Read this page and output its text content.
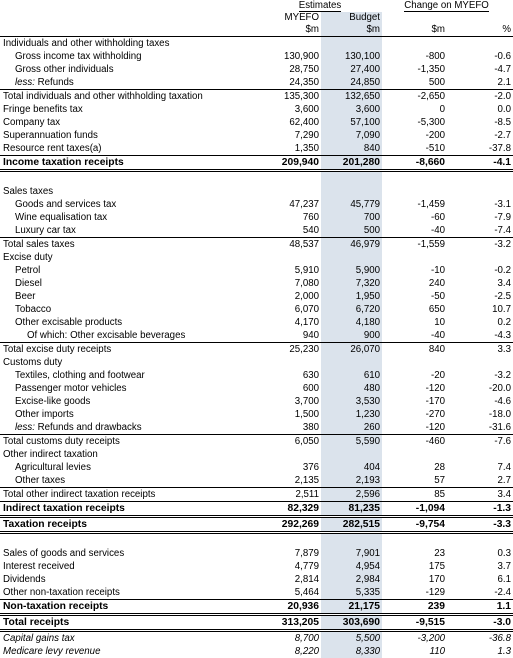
	Estimates		Change on MYEFO	
	MYEFO	Budget		
	$m	$m	$m	%
Individuals and other withholding taxes				
Gross income tax withholding	130,900	130,100	-800	-0.6
Gross other individuals	28,750	27,400	-1,350	-4.7
less: Refunds	24,350	24,850	500	2.1
Total individuals and other withholding taxation	135,300	132,650	-2,650	-2.0
Fringe benefits tax	3,600	3,600	0	0.0
Company tax	62,400	57,100	-5,300	-8.5
Superannuation funds	7,290	7,090	-200	-2.7
Resource rent taxes(a)	1,350	840	-510	-37.8
Income taxation receipts	209,940	201,280	-8,660	-4.1

Sales taxes				
Goods and services tax	47,237	45,779	-1,459	-3.1
Wine equalisation tax	760	700	-60	-7.9
Luxury car tax	540	500	-40	-7.4
Total sales taxes	48,537	46,979	-1,559	-3.2
Excise duty				
Petrol	5,910	5,900	-10	-0.2
Diesel	7,080	7,320	240	3.4
Beer	2,000	1,950	-50	-2.5
Tobacco	6,070	6,720	650	10.7
Other excisable products	4,170	4,180	10	0.2
Of which: Other excisable beverages	940	900	-40	-4.3
Total excise duty receipts	25,230	26,070	840	3.3
Customs duty				
Textiles, clothing and footwear	630	610	-20	-3.2
Passenger motor vehicles	600	480	-120	-20.0
Excise-like goods	3,700	3,530	-170	-4.6
Other imports	1,500	1,230	-270	-18.0
less: Refunds and drawbacks	380	260	-120	-31.6
Total customs duty receipts	6,050	5,590	-460	-7.6
Other indirect taxation				
Agricultural levies	376	404	28	7.4
Other taxes	2,135	2,193	57	2.7
Total other indirect taxation receipts	2,511	2,596	85	3.4
Indirect taxation receipts	82,329	81,235	-1,094	-1.3
Taxation receipts	292,269	282,515	-9,754	-3.3

Sales of goods and services	7,879	7,901	23	0.3
Interest received	4,779	4,954	175	3.7
Dividends	2,814	2,984	170	6.1
Other non-taxation receipts	5,464	5,335	-129	-2.4
Non-taxation receipts	20,936	21,175	239	1.1
Total receipts	313,205	303,690	-9,515	-3.0
Capital gains tax	8,700	5,500	-3,200	-36.8
Medicare levy revenue	8,220	8,330	110	1.3
